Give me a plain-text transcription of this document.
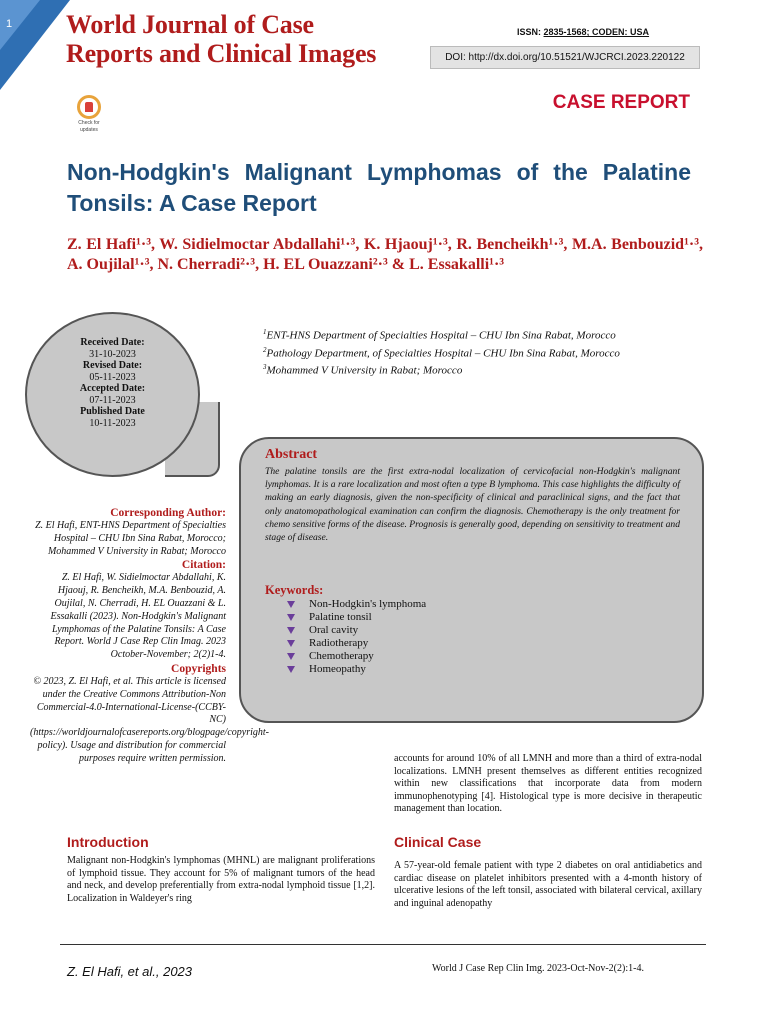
1 World Journal of Case
Reports and Clinical Images
ISSN: 2835-1568; CODEN: USA
DOI: http://dx.doi.org/10.51521/WJCRCI.2023.220122
Check for
updates
CASE REPORT
Non-Hodgkin's Malignant Lymphomas of the Palatine Tonsils: A Case Report
Z. El Hafi¹·³, W. Sidielmoctar Abdallahi¹·³, K. Hjaouj¹·³, R. Bencheikh¹·³, M.A. Benbouzid¹·³, A. Oujilal¹·³, N. Cherradi²·³, H. EL Ouazzani²·³ & L. Essakalli¹·³
$^1$ENT-HNS Department of Specialties Hospital – CHU Ibn Sina Rabat, Morocco
$^2$Pathology Department, of Specialties Hospital – CHU Ibn Sina Rabat, Morocco
$^3$Mohammed V University in Rabat; Morocco
Received Date:
31-10-2023
Revised Date:
05-11-2023
Accepted Date:
07-11-2023
Published Date
10-11-2023
Corresponding Author:
Z. El Hafi, ENT-HNS Department of Specialties Hospital – CHU Ibn Sina Rabat, Morocco; Mohammed V University in Rabat; Morocco
Citation:
Z. El Hafi, W. Sidielmoctar Abdallahi, K. Hjaouj, R. Bencheikh, M.A. Benbouzid, A. Oujilal, N. Cherradi, H. EL Ouazzani & L. Essakalli (2023). Non-Hodgkin's Malignant Lymphomas of the Palatine Tonsils: A Case Report. World J Case Rep Clin Imag. 2023 October-November; 2(2)1-4.
Copyrights
© 2023, Z. El Hafi, et al. This article is licensed under the Creative Commons Attribution-Non Commercial-4.0-International-License-(CCBY-NC) (https://worldjournalofcasereports.org/blogpage/copyright-policy). Usage and distribution for commercial purposes require written permission.
Abstract
The palatine tonsils are the first extra-nodal localization of cervicofacial non-Hodgkin's malignant lymphomas. It is a rare localization and most often a type B lymphoma. This case highlights the difficulty of making an early diagnosis, given the non-specificity of clinical and paraclinical signs, and the fact that only anatomopathological examination can confirm the diagnosis. Chemotherapy is the only treatment for chemo sensitive forms of the disease. Prognosis is generally good, depending on sensitivity to treatment and stage of disease.
Keywords:
Non-Hodgkin's lymphoma
Palatine tonsil
Oral cavity
Radiotherapy
Chemotherapy
Homeopathy
accounts for around 10% of all LMNH and more than a third of extra-nodal localizations. LMNH present themselves as different entities recognized within new classifications that incorporate data from modern immunophenotyping [4]. Histological type is more decisive in therapeutic management than location.
Introduction
Malignant non-Hodgkin's lymphomas (MHNL) are malignant proliferations of lymphoid tissue. They account for 5% of malignant tumors of the head and neck, and develop preferentially from extra-nodal lymphoid tissue [1,2]. Localization in Waldeyer's ring
Clinical Case
A 57-year-old female patient with type 2 diabetes on oral antidiabetics and cardiac disease on platelet inhibitors presented with a 4-month history of ulcerative lesions of the left tonsil, associated with bilateral cervical, axillary and inguinal adenopathy
Z. El Hafi, et al., 2023	World J Case Rep Clin Img. 2023-Oct-Nov-2(2):1-4.
